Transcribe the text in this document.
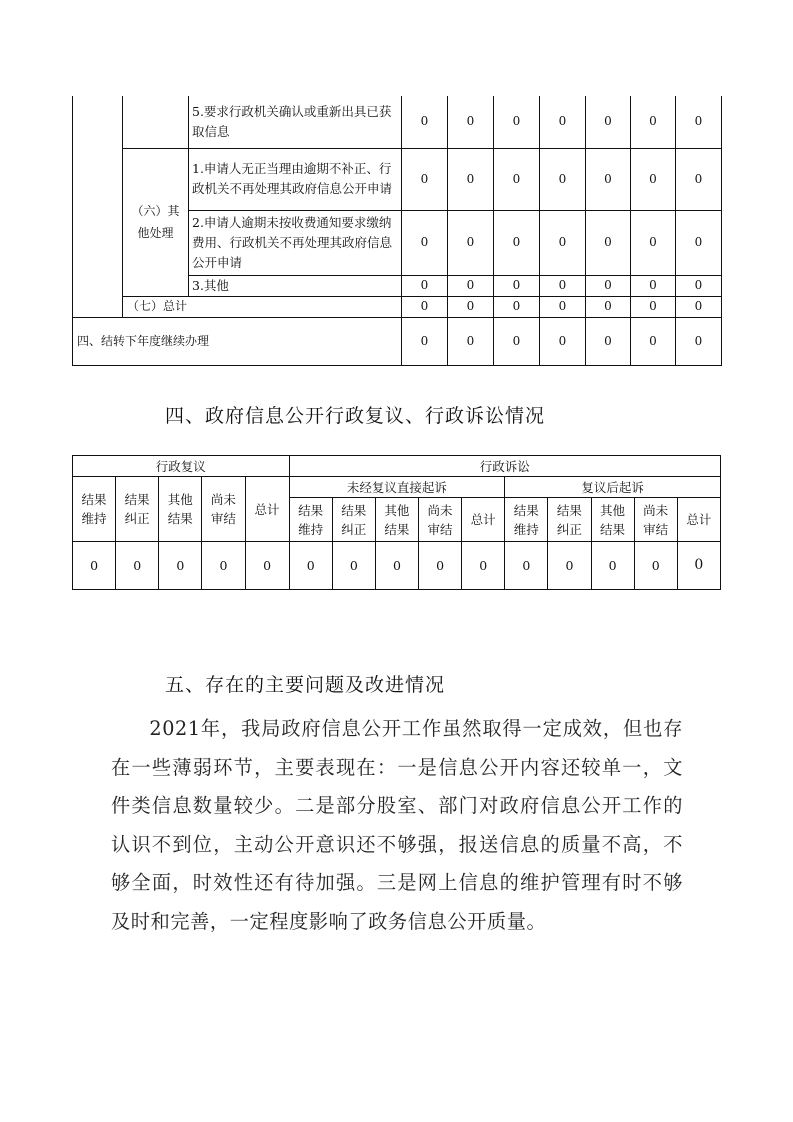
		5.要求行政机关确认或重新出具已获取信息	0	0	0	0	0	0	0
	（六）其他处理	1.申请人无正当理由逾期不补正、行政机关不再处理其政府信息公开申请	0	0	0	0	0	0	0
		2.申请人逾期未按收费通知要求缴纳费用、行政机关不再处理其政府信息公开申请	0	0	0	0	0	0	0
		3.其他	0	0	0	0	0	0	0
	（七）总计		0	0	0	0	0	0	0
四、结转下年度继续办理			0	0	0	0	0	0	0
四、政府信息公开行政复议、行政诉讼情况
行政复议					行政诉讼									
结果维持	结果纠正	其他结果	尚未审结	总计	未经复议直接起诉					复议后起诉				
					结果维持	结果纠正	其他结果	尚未审结	总计	结果维持	结果纠正	其他结果	尚未审结	总计
0	0	0	0	0	0	0	0	0	0	0	0	0	0	0
五、存在的主要问题及改进情况

2021年，我局政府信息公开工作虽然取得一定成效，但也存在一些薄弱环节，主要表现在：一是信息公开内容还较单一，文件类信息数量较少。二是部分股室、部门对政府信息公开工作的认识不到位，主动公开意识还不够强，报送信息的质量不高，不够全面，时效性还有待加强。三是网上信息的维护管理有时不够及时和完善，一定程度影响了政务信息公开质量。
